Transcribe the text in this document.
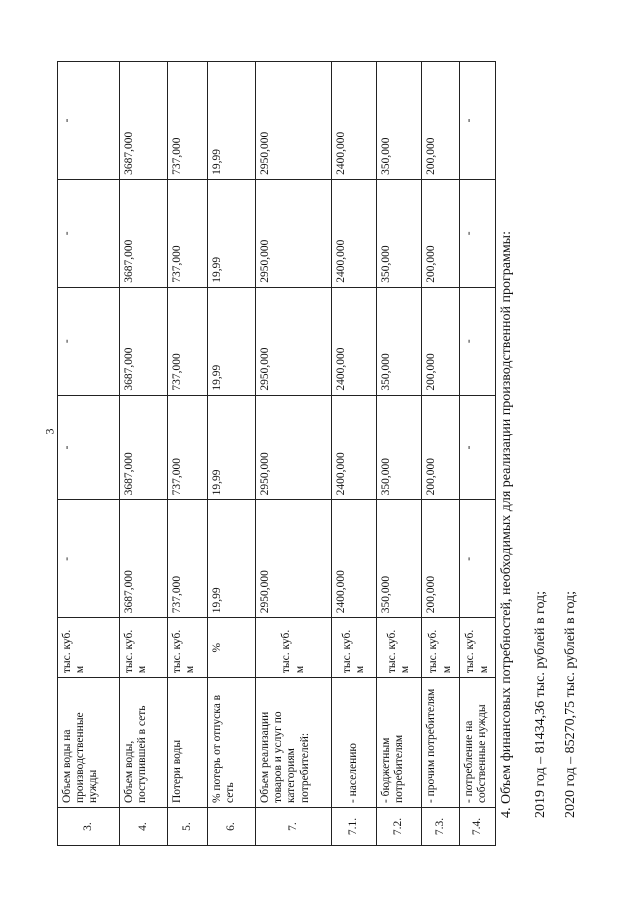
3
3.	Объем воды на производственные нужды	тыс. куб. м	-	-	-	-	-
4.	Объем воды, поступившей в сеть	тыс. куб. м	3687,000	3687,000	3687,000	3687,000	3687,000
5.	Потери воды	тыс. куб. м	737,000	737,000	737,000	737,000	737,000
6.	% потерь от отпуска в сеть	%	19,99	19,99	19,99	19,99	19,99
7.	Объем реализации товаров и услуг по категориям потребителей:	тыс. куб. м	2950,000	2950,000	2950,000	2950,000	2950,000
7.1.	- населению	тыс. куб. м	2400,000	2400,000	2400,000	2400,000	2400,000
7.2.	- бюджетным потребителям	тыс. куб. м	350,000	350,000	350,000	350,000	350,000
7.3.	- прочим потребителям	тыс. куб. м	200,000	200,000	200,000	200,000	200,000
7.4.	- потребление на собственные нужды	тыс. куб. м	-	-	-	-	-

4. Объем финансовых потребностей, необходимых для реализации производственной программы: 2019 год – 81434,36 тыс. рублей в год; 2020 год – 85270,75 тыс. рублей в год;
